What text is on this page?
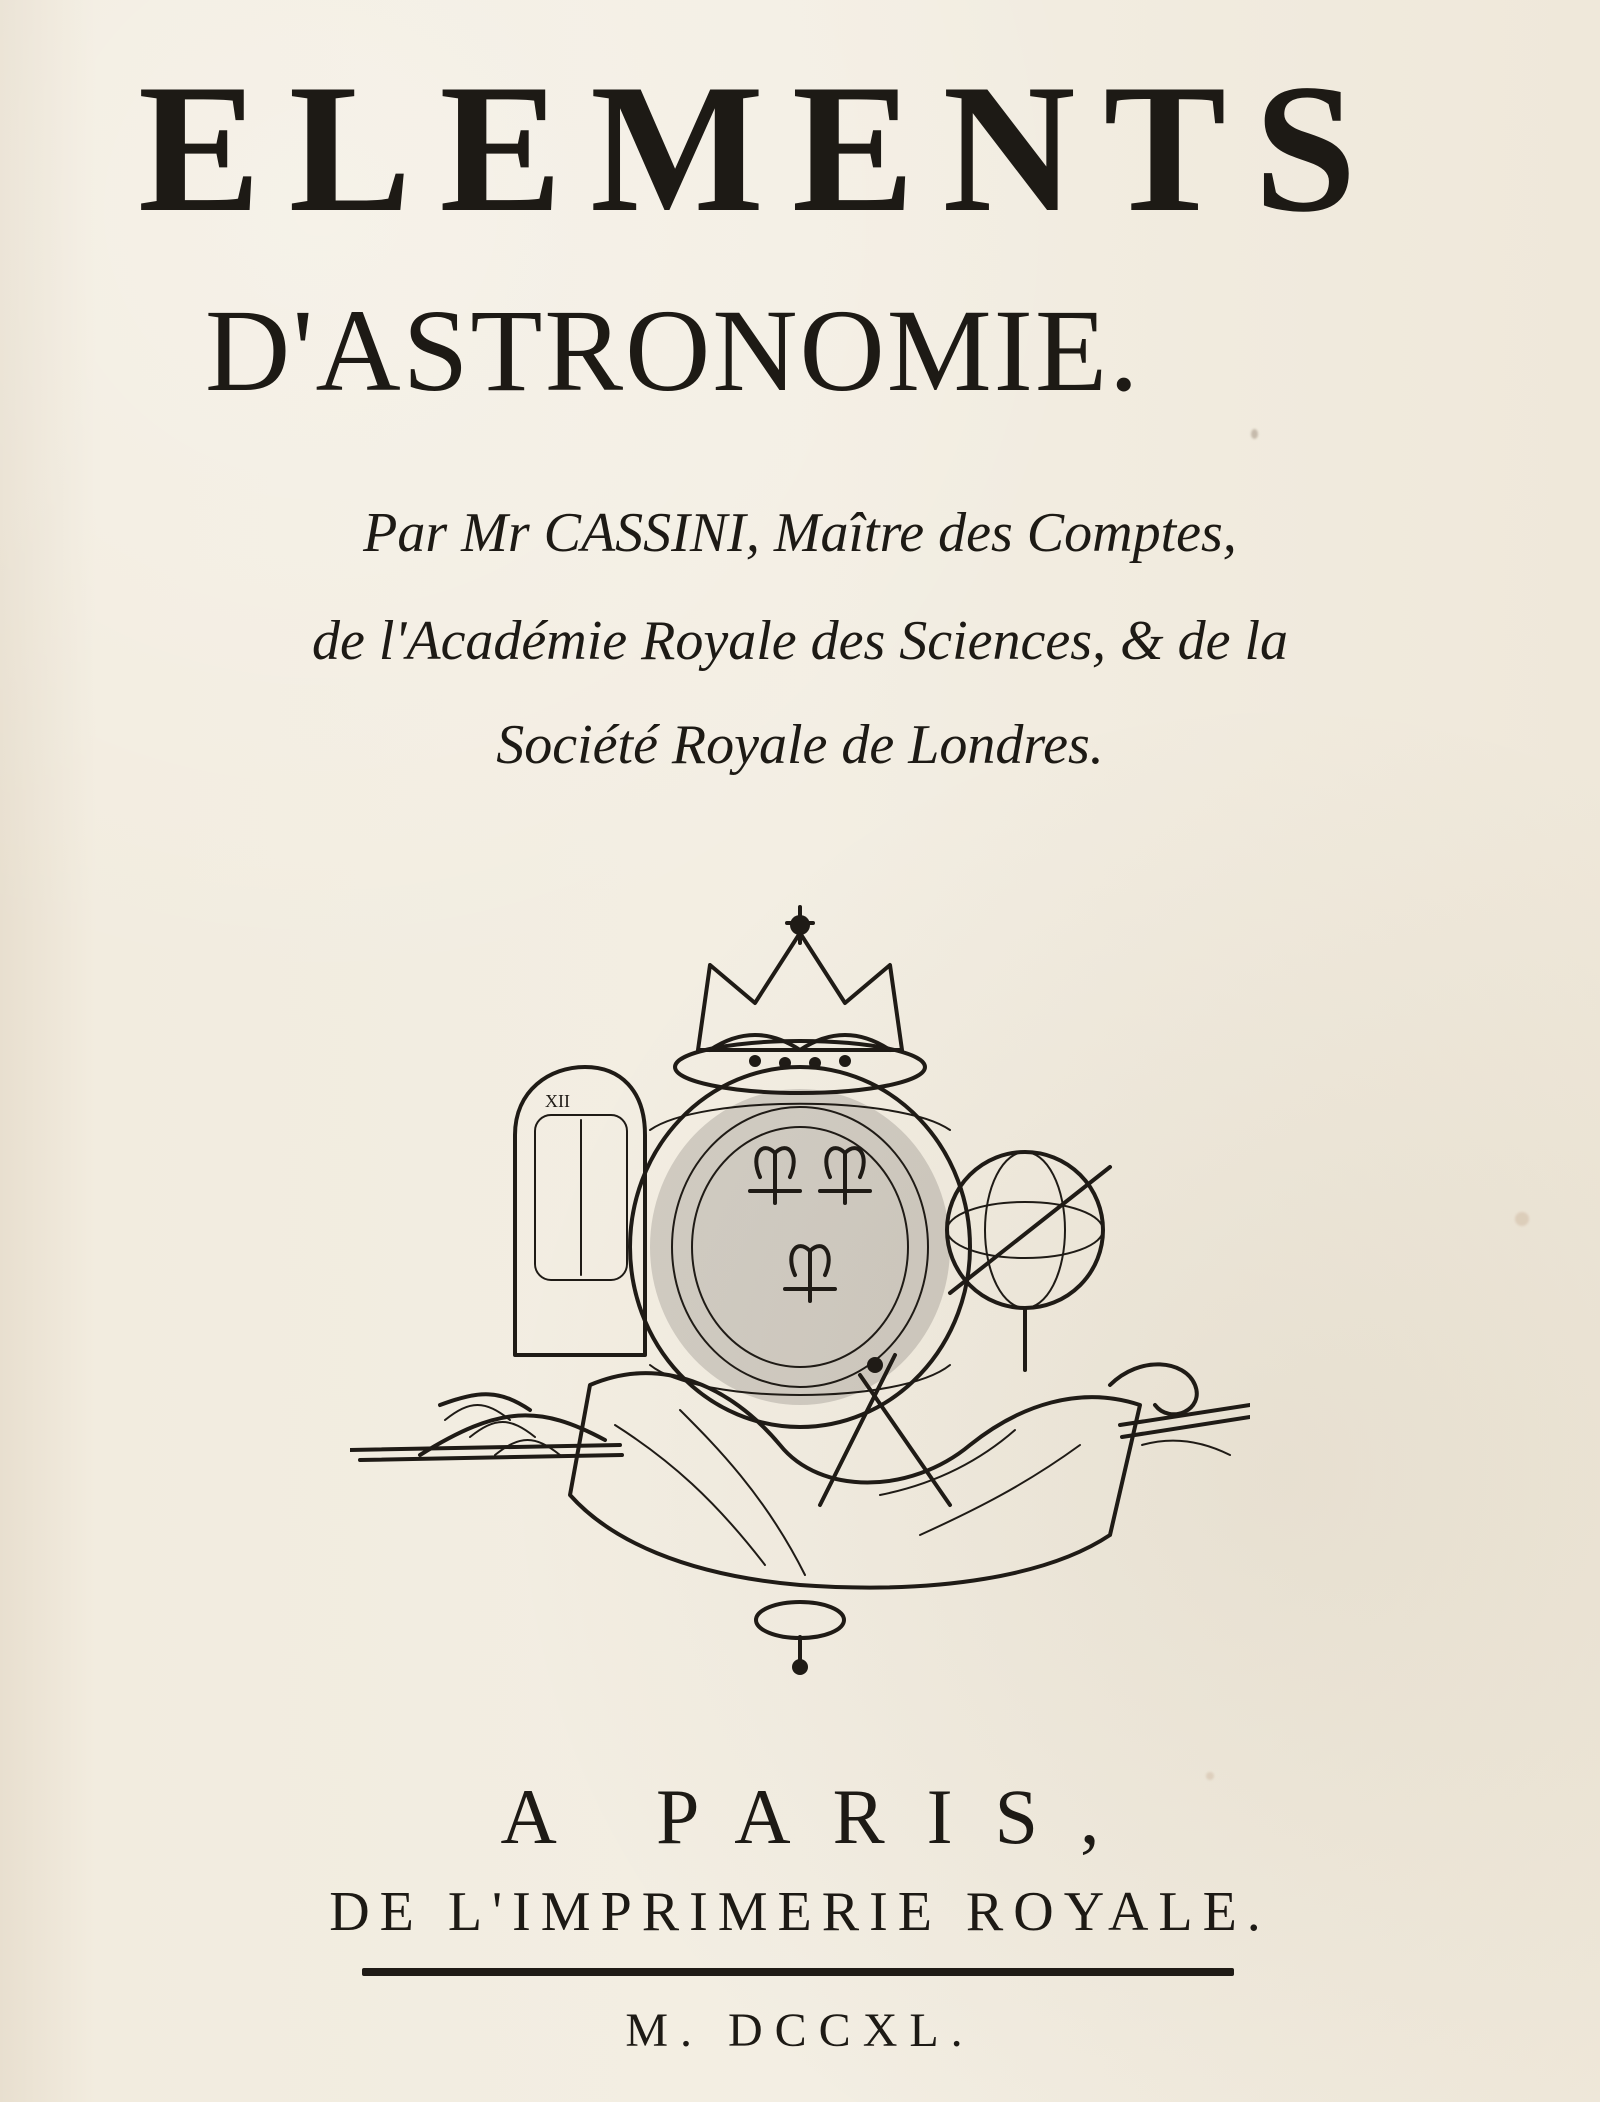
ELEMENTS
D'ASTRONOMIE.
Par Mr CASSINI, Maître des Comptes,
de l'Académie Royale des Sciences, & de la
Société Royale de Londres.
XII
A PARIS,
DE L'IMPRIMERIE ROYALE.
M. DCCXL.
